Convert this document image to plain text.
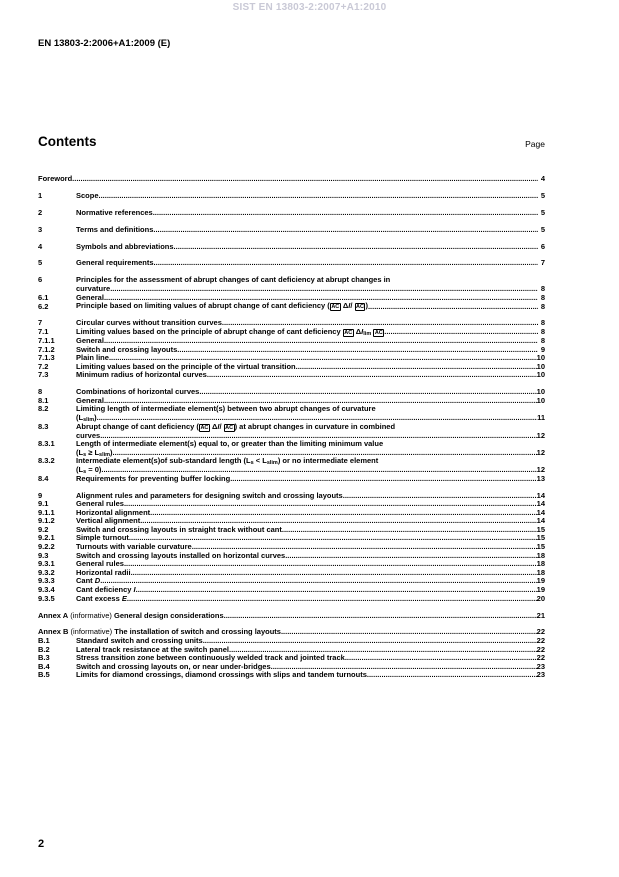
SIST EN 13803-2:2007+A1:2010
EN 13803-2:2006+A1:2009 (E)
Contents	Page
Foreword .....	4
1	Scope .....	5
2	Normative references .....	5
3	Terms and definitions .....	5
4	Symbols and abbreviations .....	6
5	General requirements .....	7
6	Principles for the assessment of abrupt changes of cant deficiency at abrupt changes in
curvature .....	8
6.1	General .....	8
6.2	Principle based on limiting values of abrupt change of cant deficiency ( AC ΔI/ AC ) .....	8
7	Circular curves without transition curves .....	8
7.1	Limiting values based on the principle of abrupt change of cant deficiency AC $\Delta I_{lim}$ AC .....	8
7.1.1	General .....	8
7.1.2	Switch and crossing layouts .....	9
7.1.3	Plain line .....	10
7.2	Limiting values based on the principle of the virtual transition .....	10
7.3	Minimum radius of horizontal curves .....	10
8	Combinations of horizontal curves .....	10
8.1	General .....	10
8.2	Limiting length of intermediate element(s) between two abrupt changes of curvature
$(L_{slim})$ .....	11
8.3	Abrupt change of cant deficiency ( AC ΔI/ AC ) at abrupt changes in curvature in combined
curves .....	12
8.3.1	Length of intermediate element(s) equal to, or greater than the limiting minimum value
$(L_s \ge L_{slim})$ .....	12
8.3.2	Intermediate element(s)of sub-standard length $(L_s < L_{slim})$ or no intermediate element
$(L_s = 0)$ .....	12
8.4	Requirements for preventing buffer locking .....	13
9	Alignment rules and parameters for designing switch and crossing layouts .....	14
9.1	General rules .....	14
9.1.1	Horizontal alignment .....	14
9.1.2	Vertical alignment .....	14
9.2	Switch and crossing layouts in straight track without cant .....	15
9.2.1	Simple turnout .....	15
9.2.2	Turnouts with variable curvature .....	15
9.3	Switch and crossing layouts installed on horizontal curves .....	18
9.3.1	General rules .....	18
9.3.2	Horizontal radii .....	18
9.3.3	Cant D .....	19
9.3.4	Cant deficiency I .....	19
9.3.5	Cant excess E .....	20
Annex A (informative) General design considerations .....	21
Annex B (informative) The installation of switch and crossing layouts .....	22
B.1	Standard switch and crossing units .....	22
B.2	Lateral track resistance at the switch panel .....	22
B.3	Stress transition zone between continuously welded track and jointed track .....	22
B.4	Switch and crossing layouts on, or near under-bridges .....	23
B.5	Limits for diamond crossings, diamond crossings with slips and tandem turnouts .....	23
2
